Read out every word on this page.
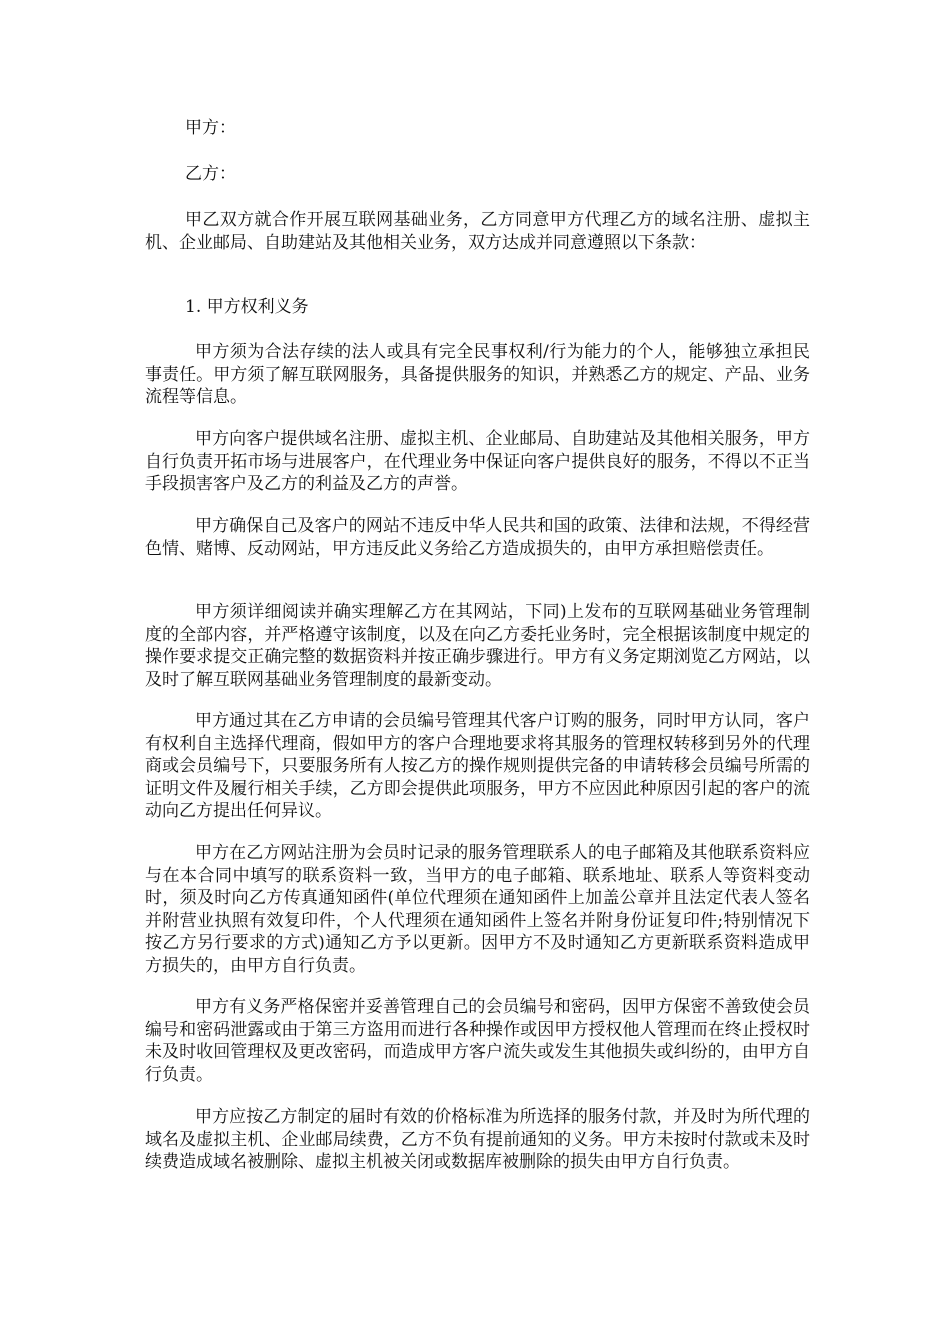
甲方：

乙方：

甲乙双方就合作开展互联网基础业务，乙方同意甲方代理乙方的域名注册、虚拟主机、企业邮局、自助建站及其他相关业务，双方达成并同意遵照以下条款：

1. 甲方权利义务

甲方须为合法存续的法人或具有完全民事权利/行为能力的个人，能够独立承担民事责任。甲方须了解互联网服务，具备提供服务的知识，并熟悉乙方的规定、产品、业务流程等信息。

甲方向客户提供域名注册、虚拟主机、企业邮局、自助建站及其他相关服务，甲方自行负责开拓市场与进展客户，在代理业务中保证向客户提供良好的服务，不得以不正当手段损害客户及乙方的利益及乙方的声誉。

甲方确保自己及客户的网站不违反中华人民共和国的政策、法律和法规，不得经营色情、赌博、反动网站，甲方违反此义务给乙方造成损失的，由甲方承担赔偿责任。

甲方须详细阅读并确实理解乙方在其网站，下同)上发布的互联网基础业务管理制度的全部内容，并严格遵守该制度，以及在向乙方委托业务时，完全根据该制度中规定的操作要求提交正确完整的数据资料并按正确步骤进行。甲方有义务定期浏览乙方网站，以及时了解互联网基础业务管理制度的最新变动。

甲方通过其在乙方申请的会员编号管理其代客户订购的服务，同时甲方认同，客户有权利自主选择代理商，假如甲方的客户合理地要求将其服务的管理权转移到另外的代理商或会员编号下，只要服务所有人按乙方的操作规则提供完备的申请转移会员编号所需的证明文件及履行相关手续，乙方即会提供此项服务，甲方不应因此种原因引起的客户的流动向乙方提出任何异议。

甲方在乙方网站注册为会员时记录的服务管理联系人的电子邮箱及其他联系资料应与在本合同中填写的联系资料一致，当甲方的电子邮箱、联系地址、联系人等资料变动时，须及时向乙方传真通知函件(单位代理须在通知函件上加盖公章并且法定代表人签名并附营业执照有效复印件，个人代理须在通知函件上签名并附身份证复印件;特别情况下按乙方另行要求的方式)通知乙方予以更新。因甲方不及时通知乙方更新联系资料造成甲方损失的，由甲方自行负责。

甲方有义务严格保密并妥善管理自己的会员编号和密码，因甲方保密不善致使会员编号和密码泄露或由于第三方盗用而进行各种操作或因甲方授权他人管理而在终止授权时未及时收回管理权及更改密码，而造成甲方客户流失或发生其他损失或纠纷的，由甲方自行负责。

甲方应按乙方制定的届时有效的价格标准为所选择的服务付款，并及时为所代理的域名及虚拟主机、企业邮局续费，乙方不负有提前通知的义务。甲方未按时付款或未及时续费造成域名被删除、虚拟主机被关闭或数据库被删除的损失由甲方自行负责。
